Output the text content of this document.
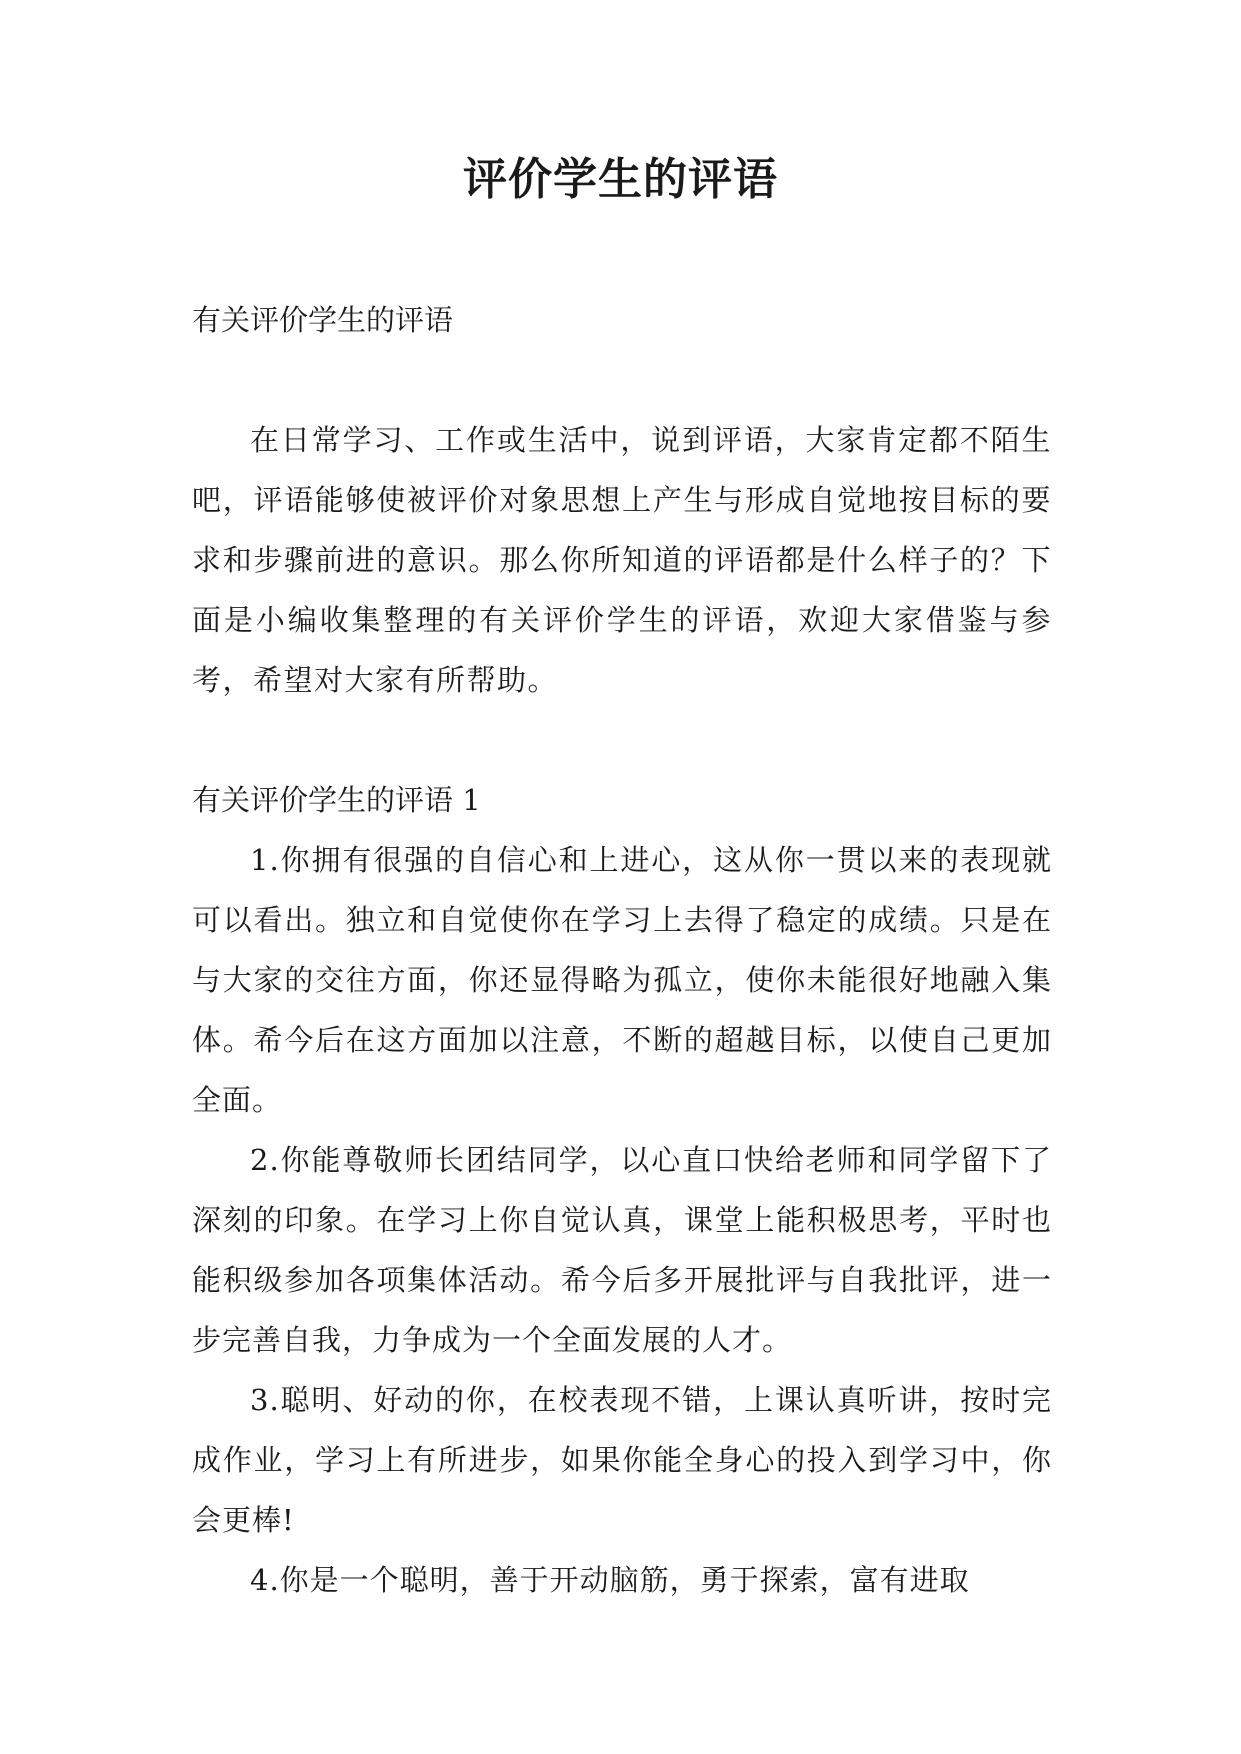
评价学生的评语

有关评价学生的评语

在日常学习、工作或生活中，说到评语，大家肯定都不陌生吧，评语能够使被评价对象思想上产生与形成自觉地按目标的要求和步骤前进的意识。那么你所知道的评语都是什么样子的？下面是小编收集整理的有关评价学生的评语，欢迎大家借鉴与参考，希望对大家有所帮助。

有关评价学生的评语 1

1.你拥有很强的自信心和上进心，这从你一贯以来的表现就可以看出。独立和自觉使你在学习上去得了稳定的成绩。只是在与大家的交往方面，你还显得略为孤立，使你未能很好地融入集体。希今后在这方面加以注意，不断的超越目标，以使自己更加全面。

2.你能尊敬师长团结同学，以心直口快给老师和同学留下了深刻的印象。在学习上你自觉认真，课堂上能积极思考，平时也能积级参加各项集体活动。希今后多开展批评与自我批评，进一步完善自我，力争成为一个全面发展的人才。

3.聪明、好动的你，在校表现不错，上课认真听讲，按时完成作业，学习上有所进步，如果你能全身心的投入到学习中，你会更棒!

4.你是一个聪明，善于开动脑筋，勇于探索，富有进取
